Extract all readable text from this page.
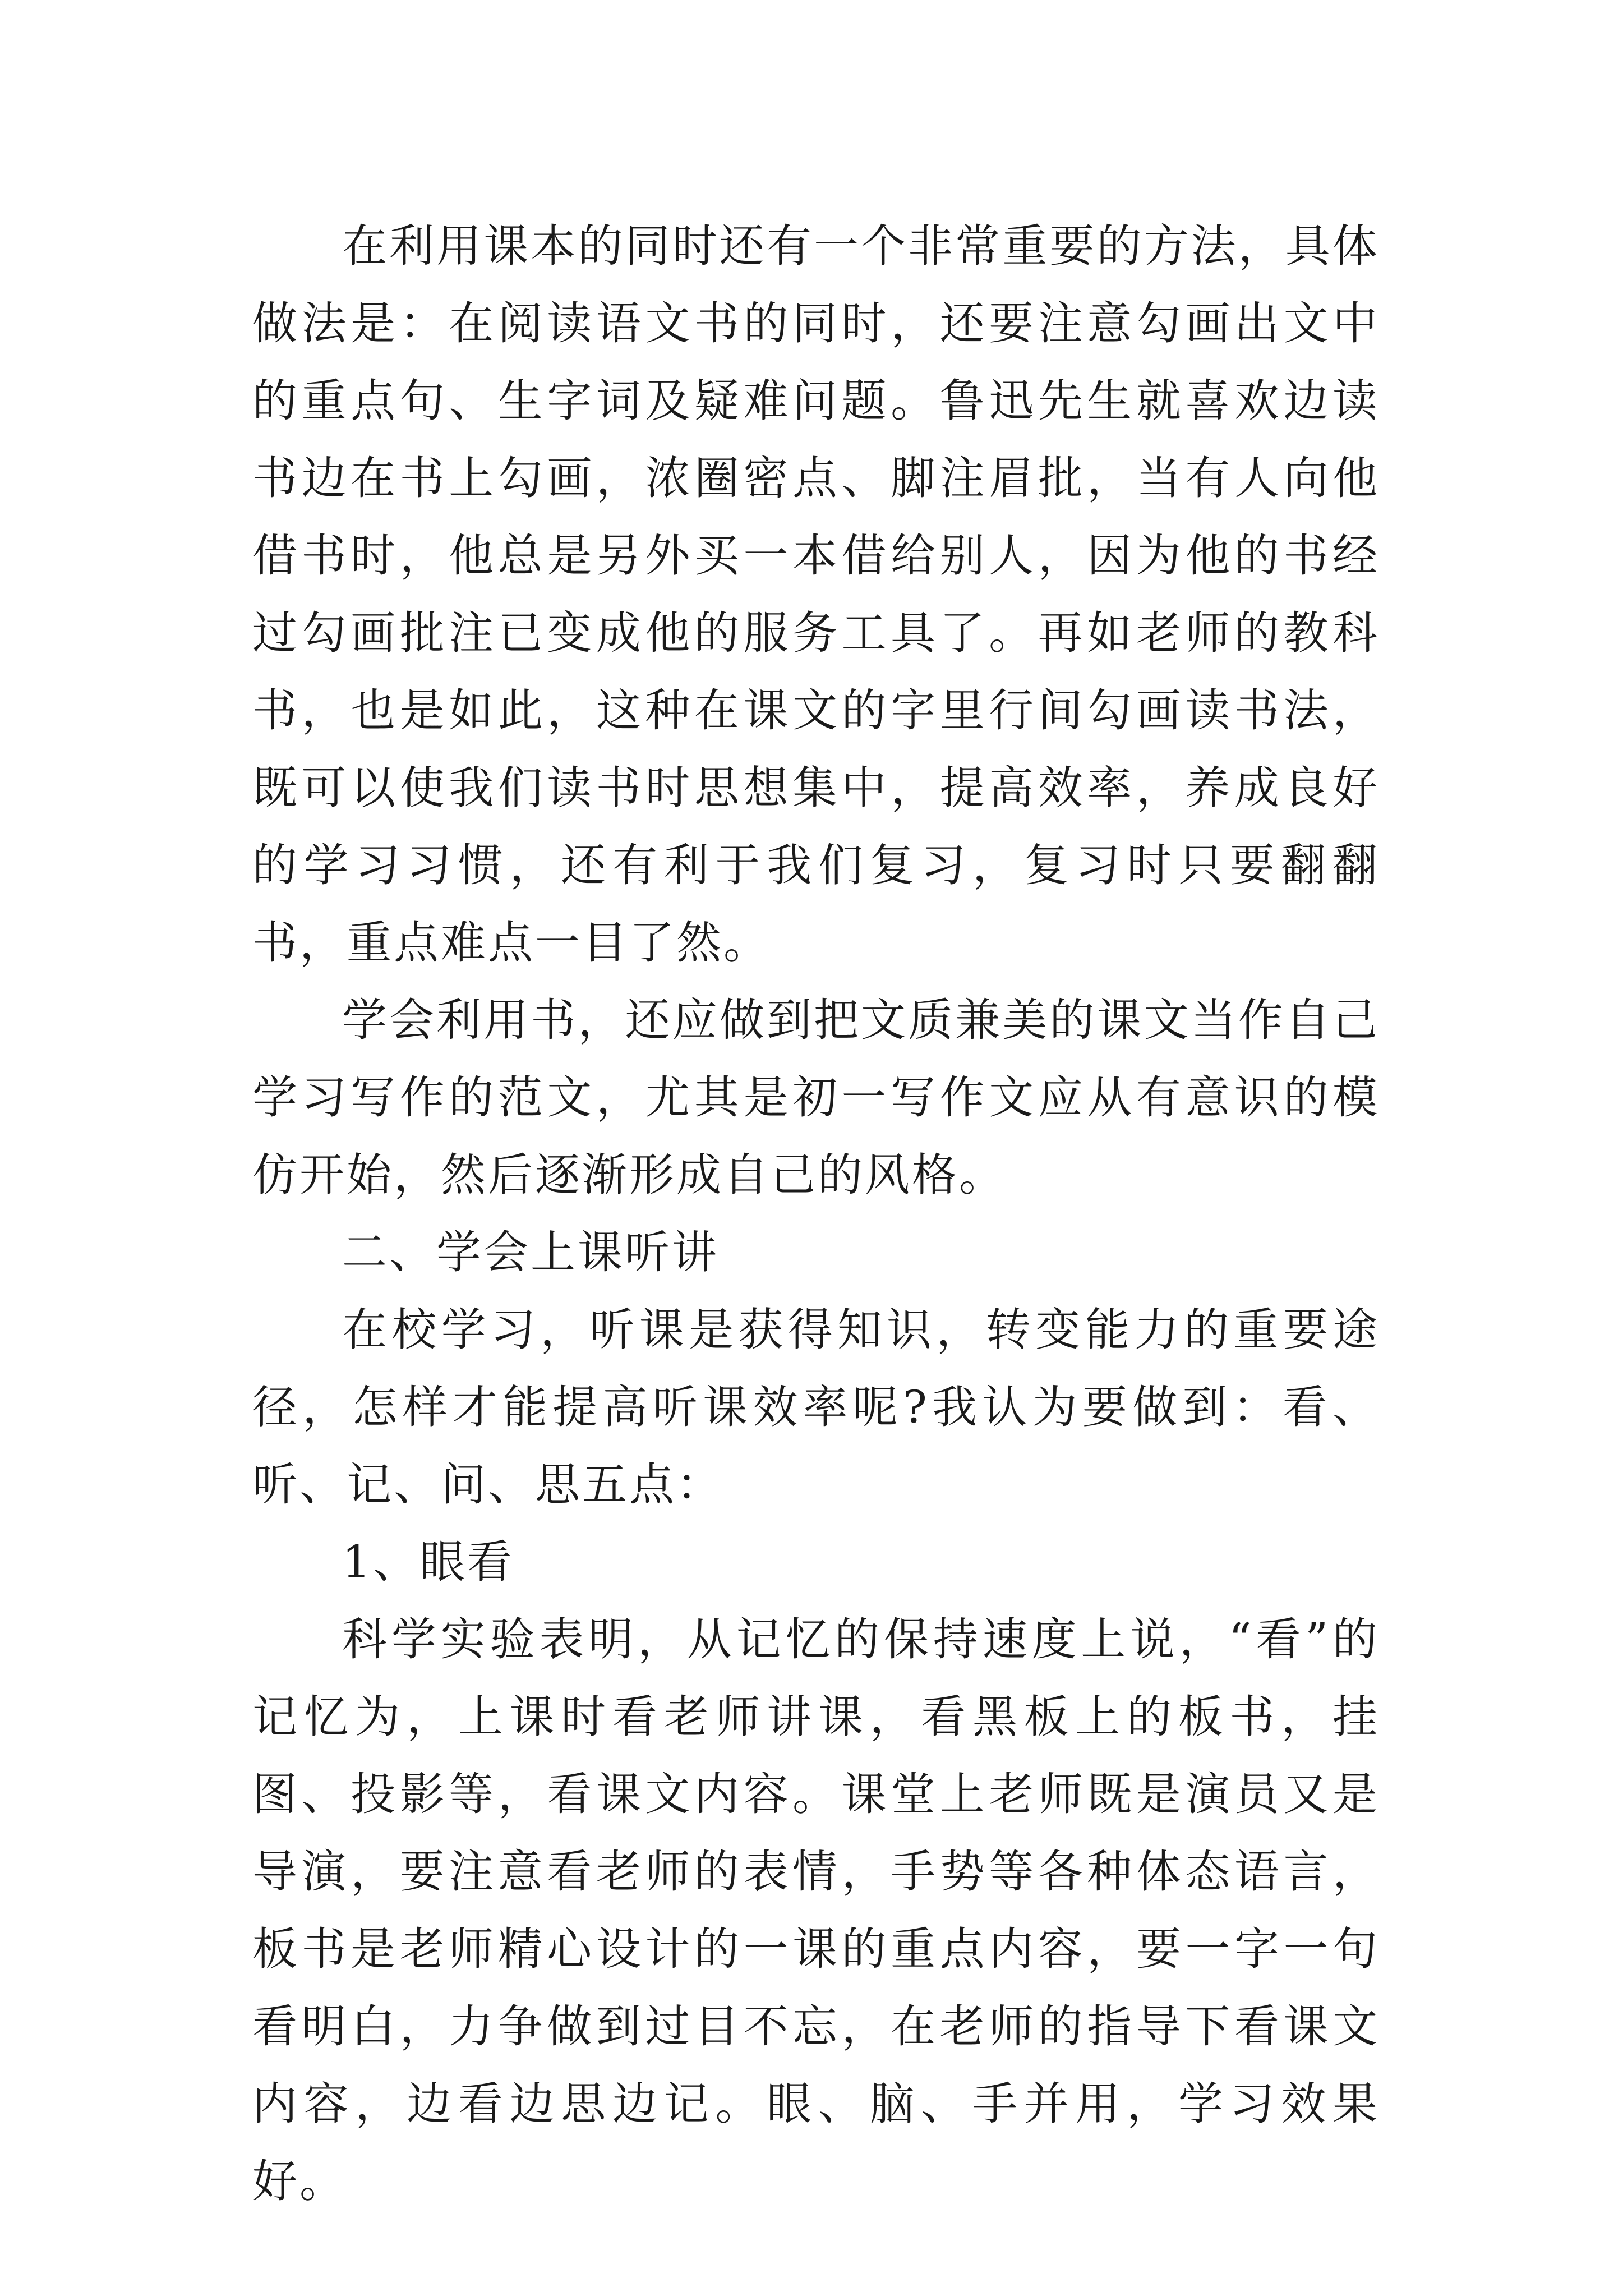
在利用课本的同时还有一个非常重要的方法，具体做法是：在阅读语文书的同时，还要注意勾画出文中的重点句、生字词及疑难问题。鲁迅先生就喜欢边读书边在书上勾画，浓圈密点、脚注眉批，当有人向他借书时，他总是另外买一本借给别人，因为他的书经过勾画批注已变成他的服务工具了。再如老师的教科书，也是如此，这种在课文的字里行间勾画读书法，既可以使我们读书时思想集中，提高效率，养成良好的学习习惯，还有利于我们复习，复习时只要翻翻书，重点难点一目了然。

学会利用书，还应做到把文质兼美的课文当作自己学习写作的范文，尤其是初一写作文应从有意识的模仿开始，然后逐渐形成自己的风格。

二、学会上课听讲

在校学习，听课是获得知识，转变能力的重要途径，怎样才能提高听课效率呢?我认为要做到：看、听、记、问、思五点：

1、眼看

科学实验表明，从记忆的保持速度上说，“看”的记忆为，上课时看老师讲课，看黑板上的板书，挂图、投影等，看课文内容。课堂上老师既是演员又是导演，要注意看老师的表情，手势等各种体态语言，板书是老师精心设计的一课的重点内容，要一字一句看明白，力争做到过目不忘，在老师的指导下看课文内容，边看边思边记。眼、脑、手并用，学习效果好。
